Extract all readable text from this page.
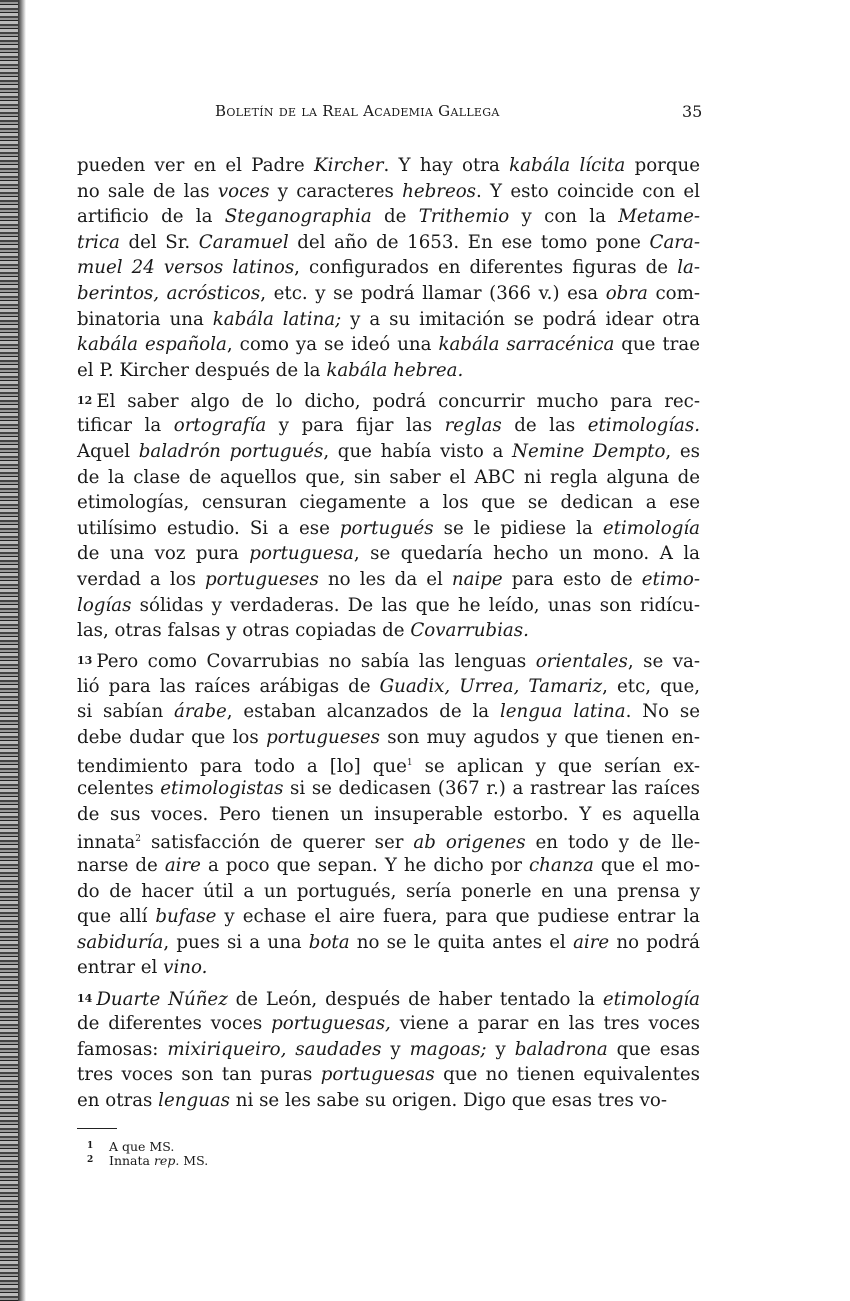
Boletín de la Real Academia Gallega	35
pueden ver en el Padre Kircher. Y hay otra kabála lícita porque
no sale de las voces y caracteres hebreos. Y esto coincide con el
artificio de la Steganographia de Trithemio y con la Metame-
trica del Sr. Caramuel del año de 1653. En ese tomo pone Cara-
muel 24 versos latinos, configurados en diferentes figuras de la-
berintos, acrósticos, etc. y se podrá llamar (366 v.) esa obra com-
binatoria una kabála latina; y a su imitación se podrá idear otra
kabála española, como ya se ideó una kabála sarracénica que trae
el P. Kircher después de la kabála hebrea.
12 El saber algo de lo dicho, podrá concurrir mucho para rec-
tificar la ortografía y para fijar las reglas de las etimologías.
Aquel baladrón portugués, que había visto a Nemine Dempto, es
de la clase de aquellos que, sin saber el ABC ni regla alguna de
etimologías, censuran ciegamente a los que se dedican a ese
utilísimo estudio. Si a ese portugués se le pidiese la etimología
de una voz pura portuguesa, se quedaría hecho un mono. A la
verdad a los portugueses no les da el naipe para esto de etimo-
logías sólidas y verdaderas. De las que he leído, unas son ridícu-
las, otras falsas y otras copiadas de Covarrubias.
13 Pero como Covarrubias no sabía las lenguas orientales, se va-
lió para las raíces arábigas de Guadix, Urrea, Tamariz, etc, que,
si sabían árabe, estaban alcanzados de la lengua latina. No se
debe dudar que los portugueses son muy agudos y que tienen en-
tendimiento para todo a [lo] que$^1$ se aplican y que serían ex-
celentes etimologistas si se dedicasen (367 r.) a rastrear las raíces
de sus voces. Pero tienen un insuperable estorbo. Y es aquella
innata$^2$ satisfacción de querer ser ab origenes en todo y de lle-
narse de aire a poco que sepan. Y he dicho por chanza que el mo-
do de hacer útil a un portugués, sería ponerle en una prensa y
que allí bufase y echase el aire fuera, para que pudiese entrar la
sabiduría, pues si a una bota no se le quita antes el aire no podrá
entrar el vino.
14 Duarte Núñez de León, después de haber tentado la etimología
de diferentes voces portuguesas, viene a parar en las tres voces
famosas: mixiriqueiro, saudades y magoas; y baladrona que esas
tres voces son tan puras portuguesas que no tienen equivalentes
en otras lenguas ni se les sabe su origen. Digo que esas tres vo-
1 A que MS.
2 Innata rep. MS.
